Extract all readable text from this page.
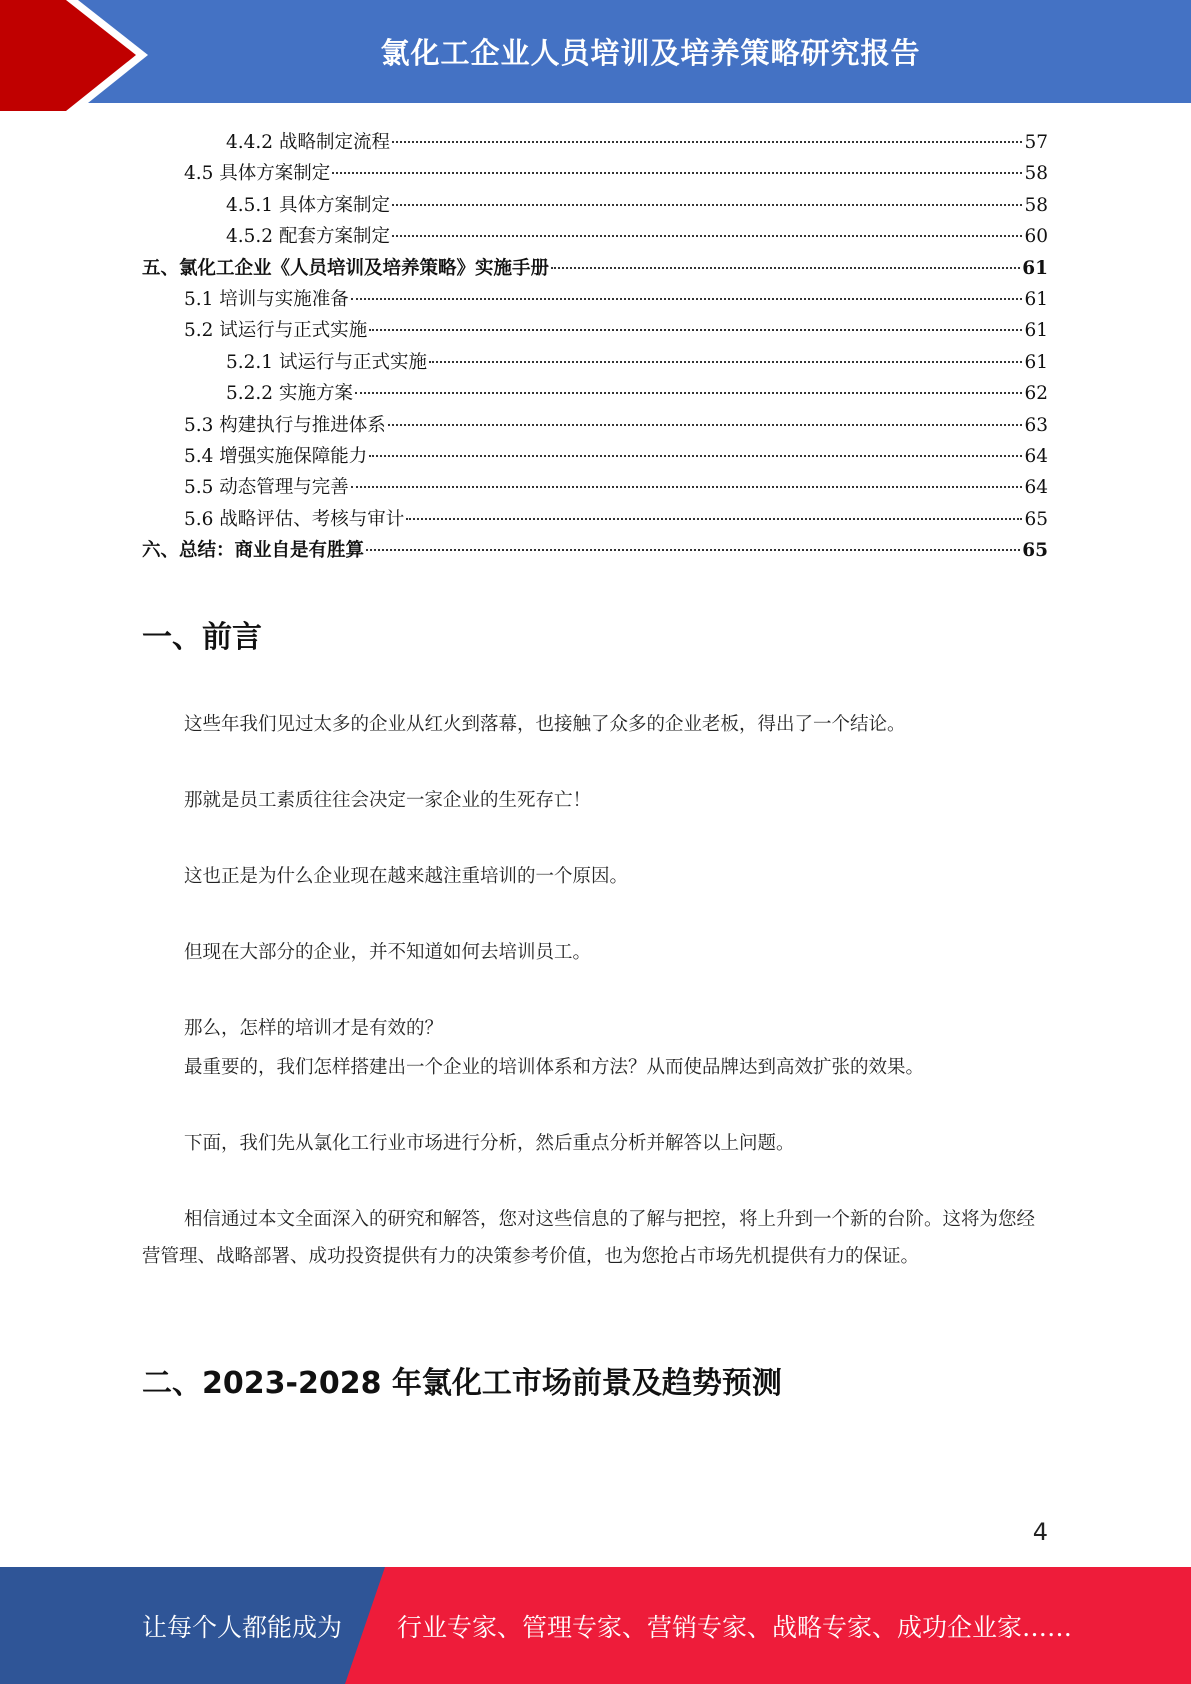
氯化工企业人员培训及培养策略研究报告
4.4.2 战略制定流程	57
4.5 具体方案制定	58
4.5.1 具体方案制定	58
4.5.2 配套方案制定	60
五、氯化工企业《人员培训及培养策略》实施手册	61
5.1 培训与实施准备	61
5.2 试运行与正式实施	61
5.2.1 试运行与正式实施	61
5.2.2 实施方案	62
5.3 构建执行与推进体系	63
5.4 增强实施保障能力	64
5.5 动态管理与完善	64
5.6 战略评估、考核与审计	65
六、总结：商业自是有胜算	65
一、前言

这些年我们见过太多的企业从红火到落幕，也接触了众多的企业老板，得出了一个结论。

那就是员工素质往往会决定一家企业的生死存亡！

这也正是为什么企业现在越来越注重培训的一个原因。

但现在大部分的企业，并不知道如何去培训员工。

那么，怎样的培训才是有效的？

最重要的，我们怎样搭建出一个企业的培训体系和方法？从而使品牌达到高效扩张的效果。

下面，我们先从氯化工行业市场进行分析，然后重点分析并解答以上问题。

相信通过本文全面深入的研究和解答，您对这些信息的了解与把控，将上升到一个新的台阶。这将为您经营管理、战略部署、成功投资提供有力的决策参考价值，也为您抢占市场先机提供有力的保证。

二、2023-2028 年氯化工市场前景及趋势预测
4
让每个人都能成为 行业专家、管理专家、营销专家、战略专家、成功企业家……
